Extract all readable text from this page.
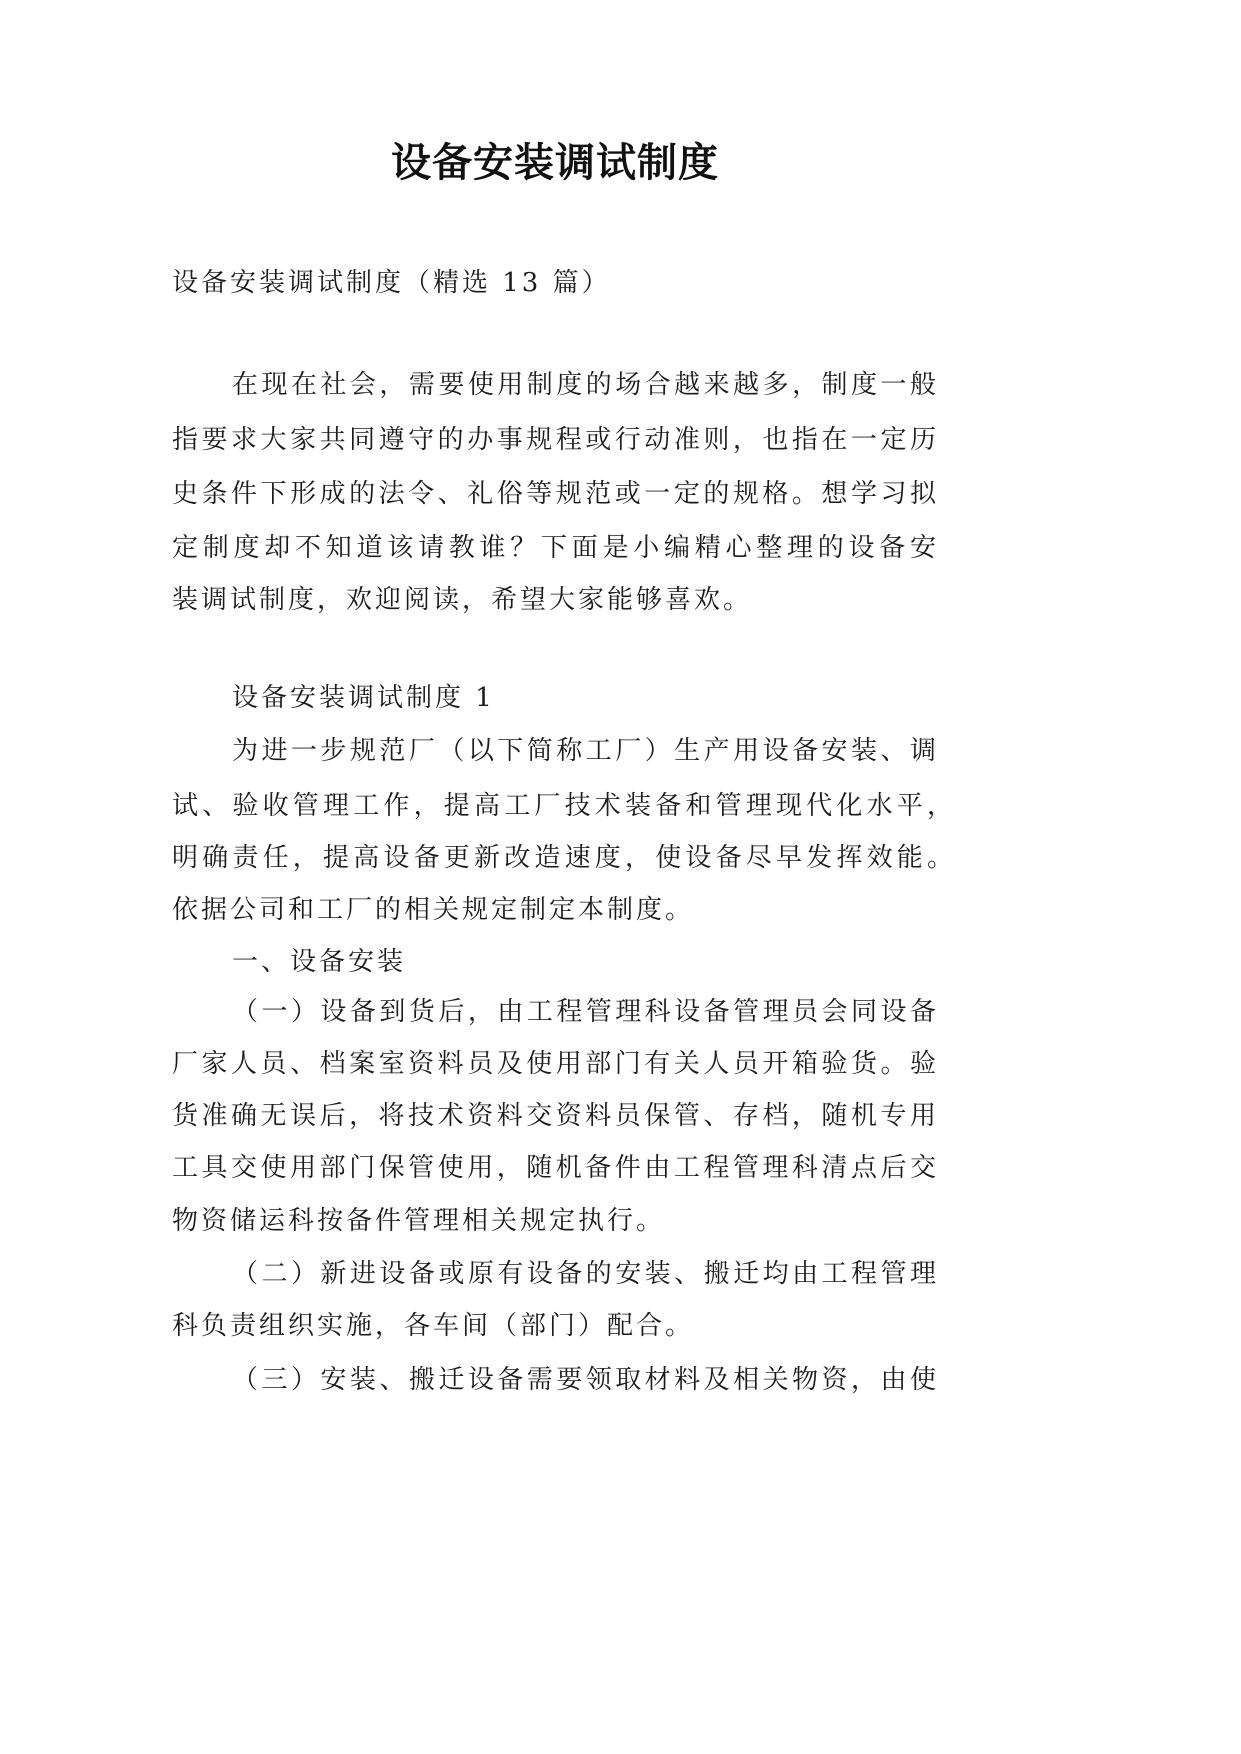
设备安装调试制度
设备安装调试制度（精选 13 篇）
在现在社会，需要使用制度的场合越来越多，制度一般
指要求大家共同遵守的办事规程或行动准则，也指在一定历
史条件下形成的法令、礼俗等规范或一定的规格。想学习拟
定制度却不知道该请教谁？下面是小编精心整理的设备安
装调试制度，欢迎阅读，希望大家能够喜欢。
设备安装调试制度 1
为进一步规范厂（以下简称工厂）生产用设备安装、调
试、验收管理工作，提高工厂技术装备和管理现代化水平，
明确责任，提高设备更新改造速度，使设备尽早发挥效能。
依据公司和工厂的相关规定制定本制度。
一、设备安装
（一）设备到货后，由工程管理科设备管理员会同设备
厂家人员、档案室资料员及使用部门有关人员开箱验货。验
货准确无误后，将技术资料交资料员保管、存档，随机专用
工具交使用部门保管使用，随机备件由工程管理科清点后交
物资储运科按备件管理相关规定执行。
（二）新进设备或原有设备的安装、搬迁均由工程管理
科负责组织实施，各车间（部门）配合。
（三）安装、搬迁设备需要领取材料及相关物资，由使
